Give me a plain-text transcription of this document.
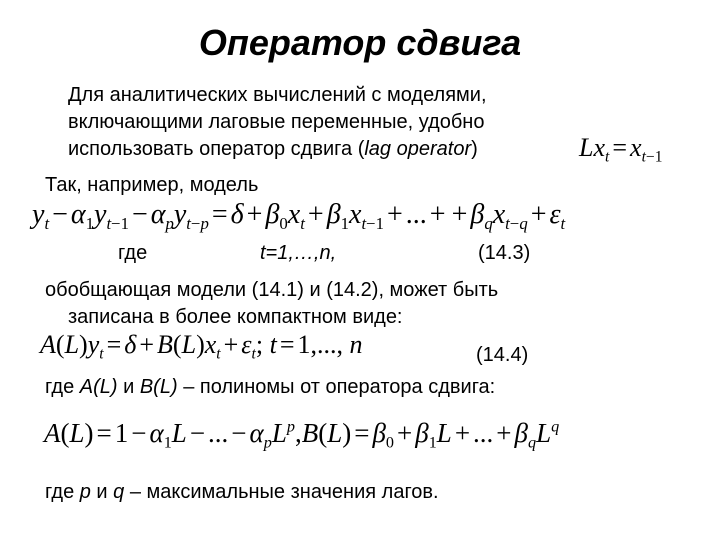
Оператор сдвига
Для аналитических вычислений с моделями,
включающими лаговые переменные, удобно
использовать оператор сдвига (lag operator)	$Lx_t = x_{t-1}$
Так, например, модель
$y_t - \alpha_1y_{t-1} - \alpha_py_{t-p} = \delta + \beta_0x_t + \beta_1x_{t-1}$ + ... + + $\beta_qx_{t-q} + \varepsilon_t$
где	t=1,…,n,	(14.3)
обобщающая модели (14.1) и (14.2), может быть
записана в более компактном виде:
$A(L)y_t = \delta + B(L)x_t + \varepsilon_t$; t = 1,..., n	(14.4)
где A(L) и B(L) – полиномы от оператора сдвига:
$A(L) = 1 - \alpha_1L$ − ... − $\alpha_pL^p,B(L) = \beta_0 + \beta_1L$ + ... + $\beta_qL^q$
где p и q – максимальные значения лагов.
